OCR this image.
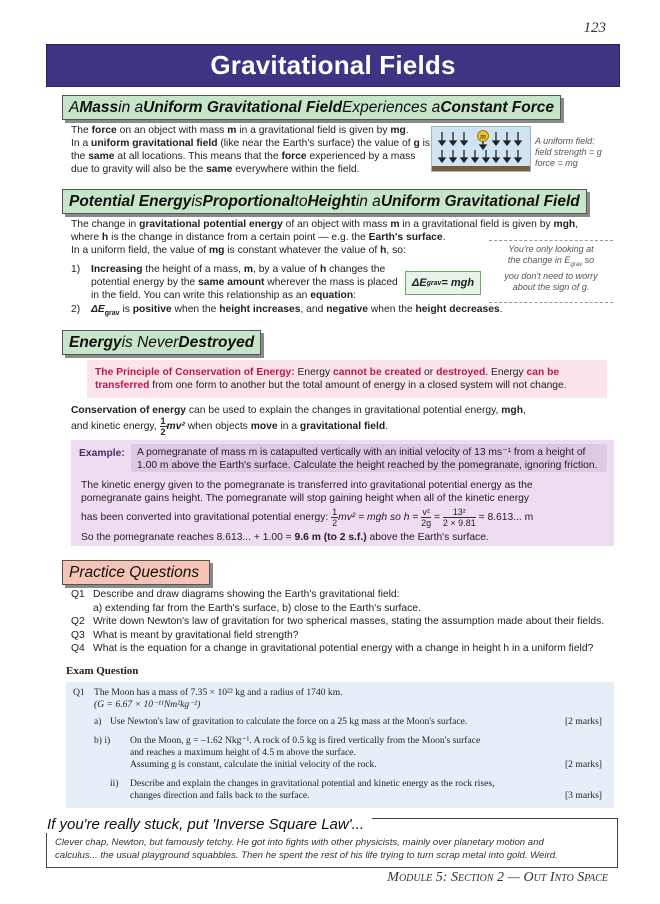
123
Gravitational Fields
A Mass in a Uniform Gravitational Field Experiences a Constant Force
The force on an object with mass m in a gravitational field is given by mg.
In a uniform gravitational field (like near the Earth's surface) the value of g is
the same at all locations. This means that the force experienced by a mass
due to gravity will also be the same everywhere within the field.
m	A uniform field:
field strength = g
force = mg
Potential Energy is Proportional to Height in a Uniform Gravitational Field
The change in gravitational potential energy of an object with mass m in a gravitational field is given by mgh,
where h is the change in distance from a certain point — e.g. the Earth's surface.
In a uniform field, the value of mg is constant whatever the value of h, so:
1) Increasing the height of a mass, m, by a value of h changes the
potential energy by the same amount wherever the mass is placed
in the field. You can write this relationship as an equation:
ΔE grav = mgh
2) $\Delta E_{grav}$ is positive when the height increases, and negative when the height decreases.
You're only looking at
the change in $E_{grav}$ so
you don't need to worry
about the sign of g.
Energy is Never Destroyed
The Principle of Conservation of Energy: Energy cannot be created or destroyed. Energy can be
transferred from one form to another but the total amount of energy in a closed system will not change.
Conservation of energy can be used to explain the changes in gravitational potential energy, mgh,
and kinetic energy, $\frac{1}{2} mv^2$ when objects move in a gravitational field.
Example: A pomegranate of mass m is catapulted vertically with an initial velocity of 13 ms⁻¹ from a height of
1.00 m above the Earth's surface. Calculate the height reached by the pomegranate, ignoring friction.
The kinetic energy given to the pomegranate is transferred into gravitational potential energy as the
pomegranate gains height. The pomegranate will stop gaining height when all of the kinetic energy
has been converted into gravitational potential energy: $\frac{1}{2} mv^2$ = mgh so $h = \frac{\text{v²}}{2g} = \frac{\text{13²}}{2 \times 9.81} = 8.613$... m
So the pomegranate reaches 8.613... + 1.00 = 9.6 m (to 2 s.f.) above the Earth's surface.
Practice Questions
Q1 Describe and draw diagrams showing the Earth's gravitational field:
a) extending far from the Earth's surface, b) close to the Earth's surface.
Q2 Write down Newton's law of gravitation for two spherical masses, stating the assumption made about their fields.
Q3 What is meant by gravitational field strength?
Q4 What is the equation for a change in gravitational potential energy with a change in height h in a uniform field?
Exam Question
Q1 The Moon has a mass of 7.35 × 10²² kg and a radius of 1740 km.
(G = 6.67 × 10⁻¹¹Nm²kg⁻²)
a) Use Newton's law of gravitation to calculate the force on a 25 kg mass at the Moon's surface.	[2 marks]
b) i) On the Moon, g = –1.62 Nkg⁻¹. A rock of 0.5 kg is fired vertically from the Moon's surface
and reaches a maximum height of 4.5 m above the surface.
Assuming g is constant, calculate the initial velocity of the rock.	[2 marks]
ii) Describe and explain the changes in gravitational potential and kinetic energy as the rock rises,
changes direction and falls back to the surface.	[3 marks]
If you're really stuck, put 'Inverse Square Law'...
Clever chap, Newton, but famously tetchy. He got into fights with other physicists, mainly over planetary motion and
calculus... the usual playground squabbles. Then he spent the rest of his life trying to turn scrap metal into gold. Weird.
Module 5: Section 2 — Out Into Space
